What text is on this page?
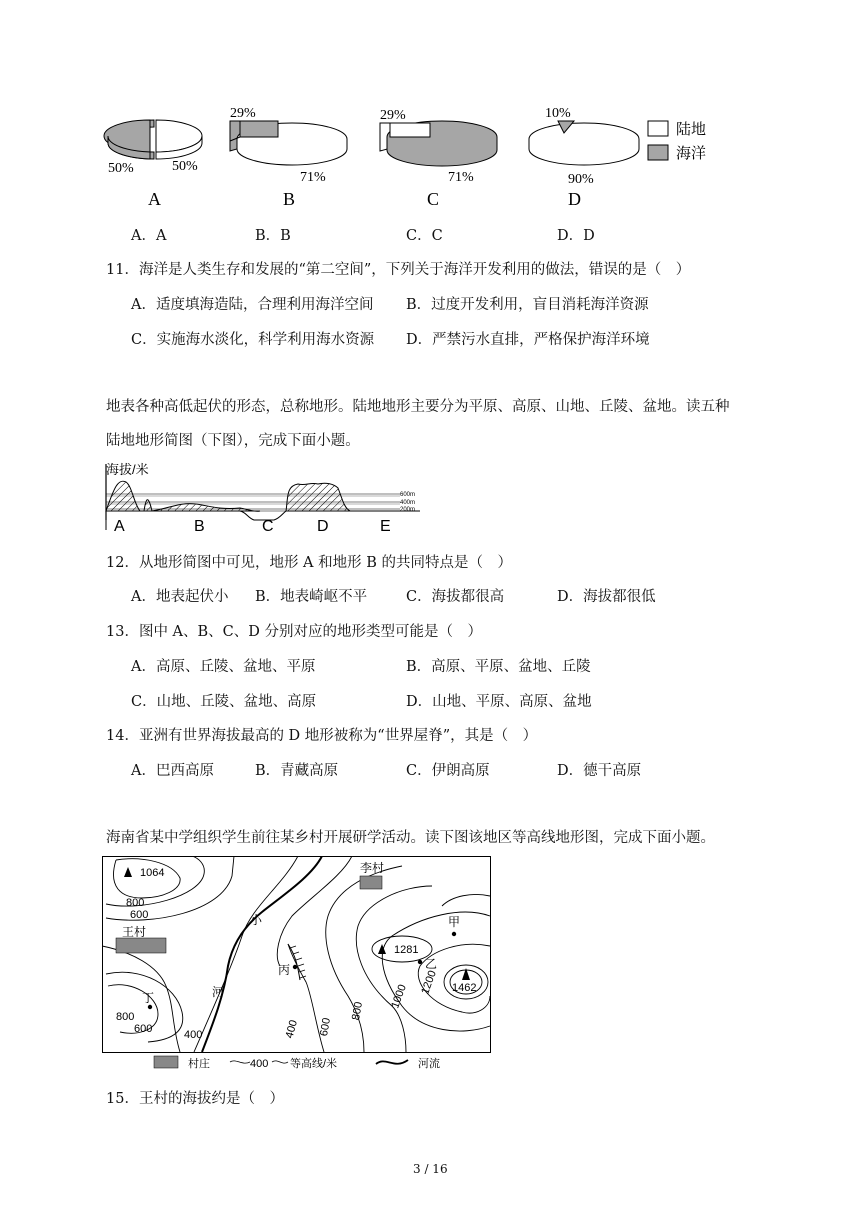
50%	50%
A
29%
71%
B
29%
71%
C
10%
90%
D
陆地
海洋
A．A	B．B	C．C	D．D
11．海洋是人类生存和发展的“第二空间”，下列关于海洋开发利用的做法，错误的是（　）
A．适度填海造陆，合理利用海洋空间 B．过度开发利用，盲目消耗海洋资源
C．实施海水淡化，科学利用海水资源 D．严禁污水直排，严格保护海洋环境
地表各种高低起伏的形态，总称地形。陆地地形主要分为平原、高原、山地、丘陵、盆地。读五种
陆地地形简图（下图），完成下面小题。
海拔/米
600m
400m
200m
A	B	C	D	E
12．从地形简图中可见，地形 A 和地形 B 的共同特点是（　）
A．地表起伏小 B．地表崎岖不平	C．海拔都很高	D．海拔都很低
13．图中 A、B、C、D 分别对应的地形类型可能是（　）
A．高原、丘陵、盆地、平原	B．高原、平原、盆地、丘陵
C．山地、丘陵、盆地、高原	D．山地、平原、高原、盆地
14．亚洲有世界海拔最高的 D 地形被称为“世界屋脊”，其是（　）
A．巴西高原	B．青藏高原	C．伊朗高原	D．德干高原
海南省某中学组织学生前往某乡村开展研学活动。读下图该地区等高线地形图，完成下面小题。
1064
1281
1462
李村
王村
甲
乙
丙
丁
小
河
800
600
800
600	400	400 600
800
1000
1200
村庄	400 等高线/米	河流
15．王村的海拔约是（　）
3 / 16
